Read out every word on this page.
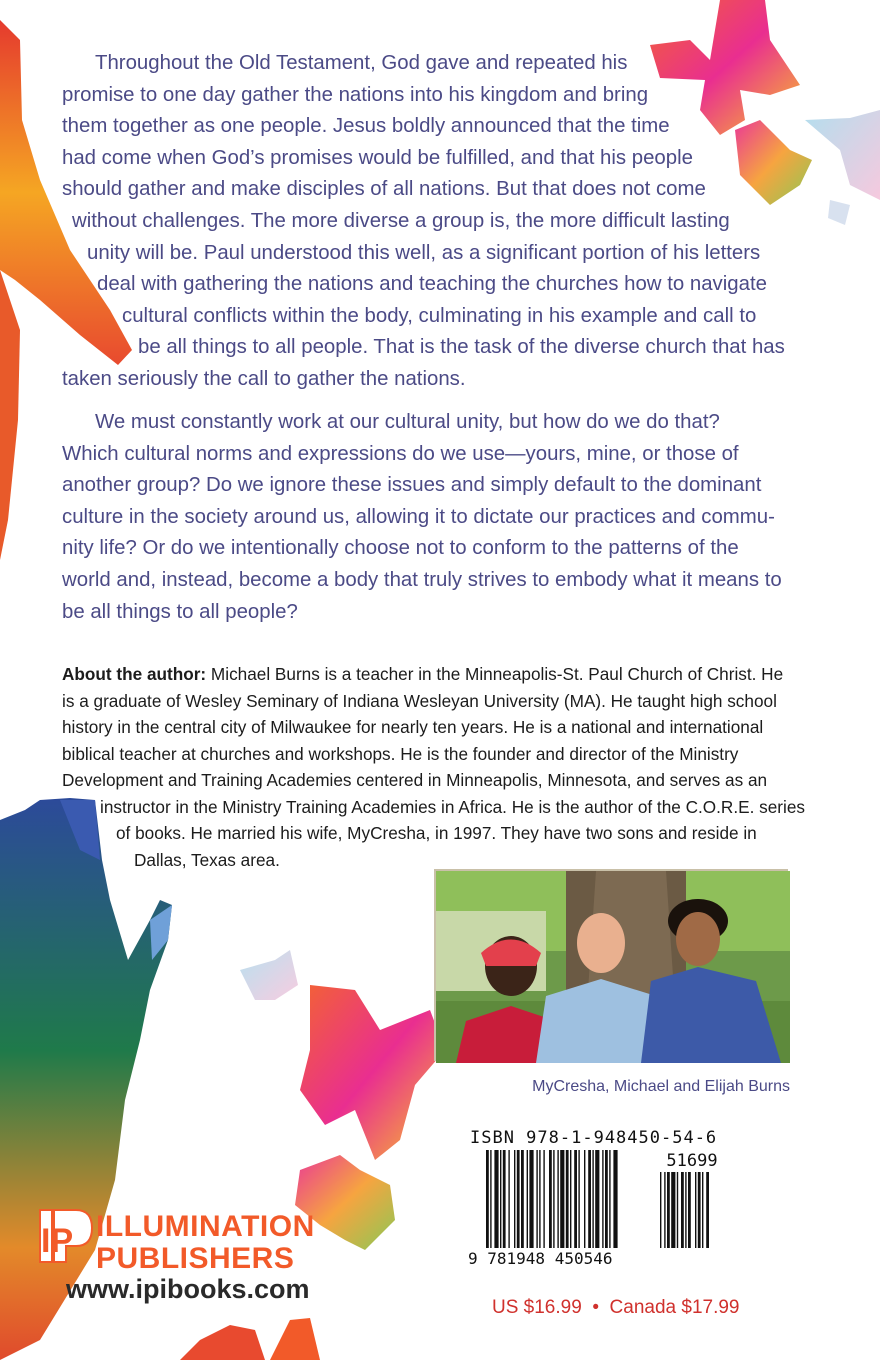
Throughout the Old Testament, God gave and repeated his
promise to one day gather the nations into his kingdom and bring
them together as one people. Jesus boldly announced that the time
had come when God’s promises would be fulfilled, and that his people
should gather and make disciples of all nations. But that does not come
without challenges. The more diverse a group is, the more difficult lasting
unity will be. Paul understood this well, as a significant portion of his letters
deal with gathering the nations and teaching the churches how to navigate
cultural conflicts within the body, culminating in his example and call to
be all things to all people. That is the task of the diverse church that has
taken seriously the call to gather the nations.
We must constantly work at our cultural unity, but how do we do that?
Which cultural norms and expressions do we use—yours, mine, or those of
another group? Do we ignore these issues and simply default to the dominant
culture in the society around us, allowing it to dictate our practices and commu-
nity life? Or do we intentionally choose not to conform to the patterns of the
world and, instead, become a body that truly strives to embody what it means to
be all things to all people?
About the author: Michael Burns is a teacher in the Minneapolis-St. Paul Church of Christ. He
is a graduate of Wesley Seminary of Indiana Wesleyan University (MA). He taught high school
history in the central city of Milwaukee for nearly ten years. He is a national and international
biblical teacher at churches and workshops. He is the founder and director of the Ministry
Development and Training Academies centered in Minneapolis, Minnesota, and serves as an
instructor in the Ministry Training Academies in Africa. He is the author of the C.O.R.E. series
of books. He married his wife, MyCresha, in 1997. They have two sons and reside in
Dallas, Texas area.
MyCresha, Michael and Elijah Burns
ISBN 978-1-948450-54-6
51699
9 781948 450546
US $16.99  •  Canada $17.99
IP ILLUMINATION
PUBLISHERS
www.ipibooks.com
